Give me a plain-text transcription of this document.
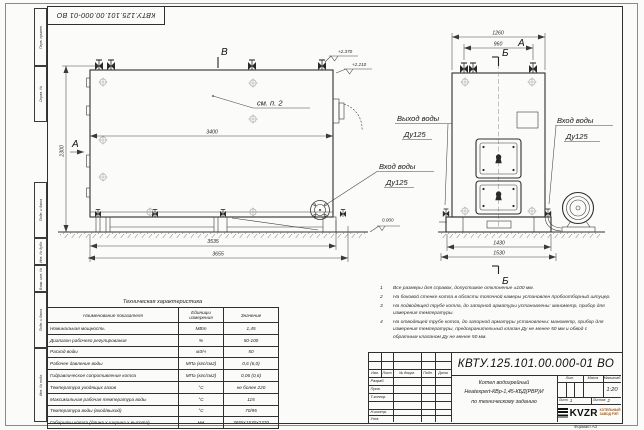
Перв. примен.
Справ. №
Подп. и дата
Инв. № дубл.
Взам. инв. №
Подп. и дата
Инв. № подл.
КВТУ.125.101.00.000-01 ВО
В
А
см. п. 2
3400
2300
3535
3655
+2.370
+2.210
0.000
Вход воды
Ду125
А
1260
960
Б
Б
1430
1530
Выход воды
Ду125
Вход воды
Ду125
1	Все размеры для справок, допустимое отклонение ±100 мм.
2	На боковой стенке котла в области топочной камеры установлен пробоотборный штуцер.
3	На подводящей трубе котла, до запорной арматуры установлены: манометр, прибор для измерения температуры.
4	На отводящей трубе котла, до запорной арматуры установлены: манометр, прибор для измерения температуры, предохранительный клапан Ду не менее 50 мм и обвод с обратным клапаном Ду не менее 50 мм.
Техническая характеристика
Наименование показателя	Единицы измерения	Значение
Номинальная мощность	МВт	1,45
Диапазон рабочего регулирования	%	50-100
Расход воды	м3/ч	50
Рабочее давление воды	МПа (кгс/см2)	0,6 (6,0)
Гидравлическое сопротивление котла	МПа (кгс/см2)	0,06 (0,6)
Температура уходящих газов	°С	не более 220
Максимальная рабочая температура воды	°С	115
Температура воды (вход/выход)	°С	70/95
Габариты котла (длина х ширина х высота)	мм	3655х1530х2370
Изм. Лист	№ докум.	Подп.	Дата
Разраб.
Пров.
Т.контр.
Н.контр.
Утв.
КВТУ.125.101.00.000-01 ВО
Котел водогрейный
Heatexpert-КВр-1,45-КБД(РВР)И
по техническому заданию
Лит.	Масса	Масштаб
1:20
Лист 1	Листов 2
KVZR КОТЕЛЬНЫЙ
ЗАВОД РЭП
Формат А3
